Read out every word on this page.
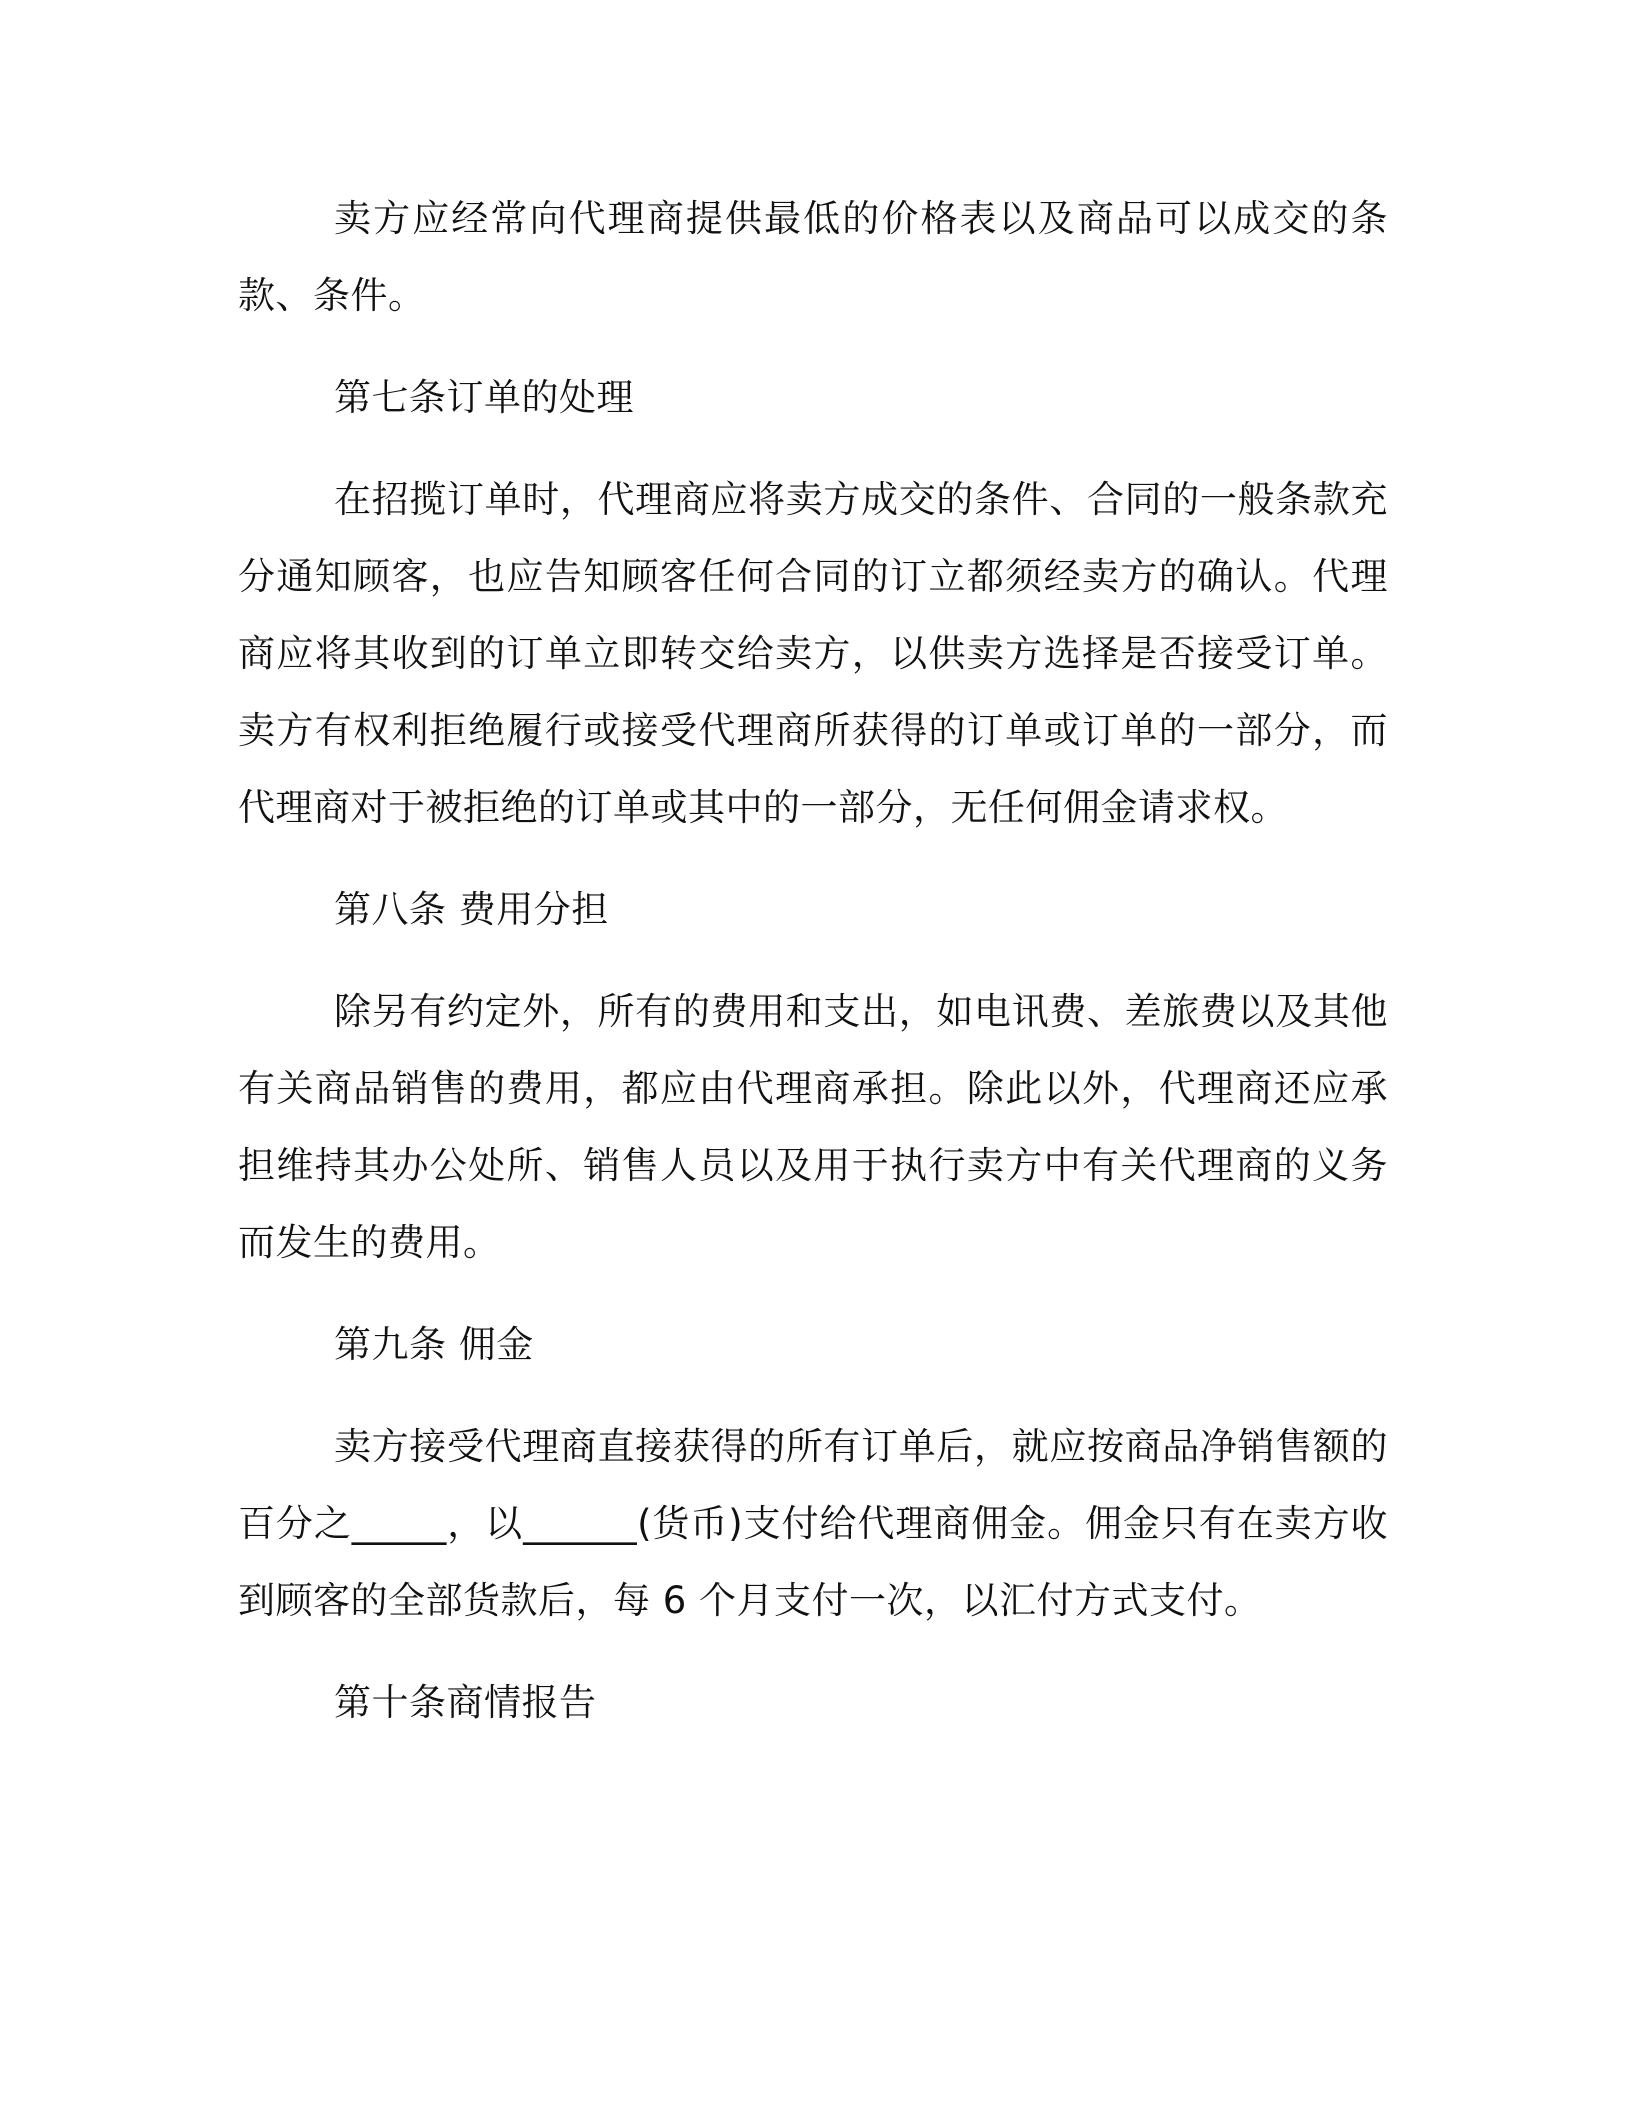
卖方应经常向代理商提供最低的价格表以及商品可以成交的条款、条件。

第七条订单的处理

在招揽订单时，代理商应将卖方成交的条件、合同的一般条款充分通知顾客，也应告知顾客任何合同的订立都须经卖方的确认。代理商应将其收到的订单立即转交给卖方，以供卖方选择是否接受订单。卖方有权利拒绝履行或接受代理商所获得的订单或订单的一部分，而代理商对于被拒绝的订单或其中的一部分，无任何佣金请求权。

第八条 费用分担

除另有约定外，所有的费用和支出，如电讯费、差旅费以及其他有关商品销售的费用，都应由代理商承担。除此以外，代理商还应承担维持其办公处所、销售人员以及用于执行卖方中有关代理商的义务而发生的费用。

第九条 佣金

卖方接受代理商直接获得的所有订单后，就应按商品净销售额的百分之_____，以______(货币)支付给代理商佣金。佣金只有在卖方收到顾客的全部货款后，每 6 个月支付一次，以汇付方式支付。

第十条商情报告
